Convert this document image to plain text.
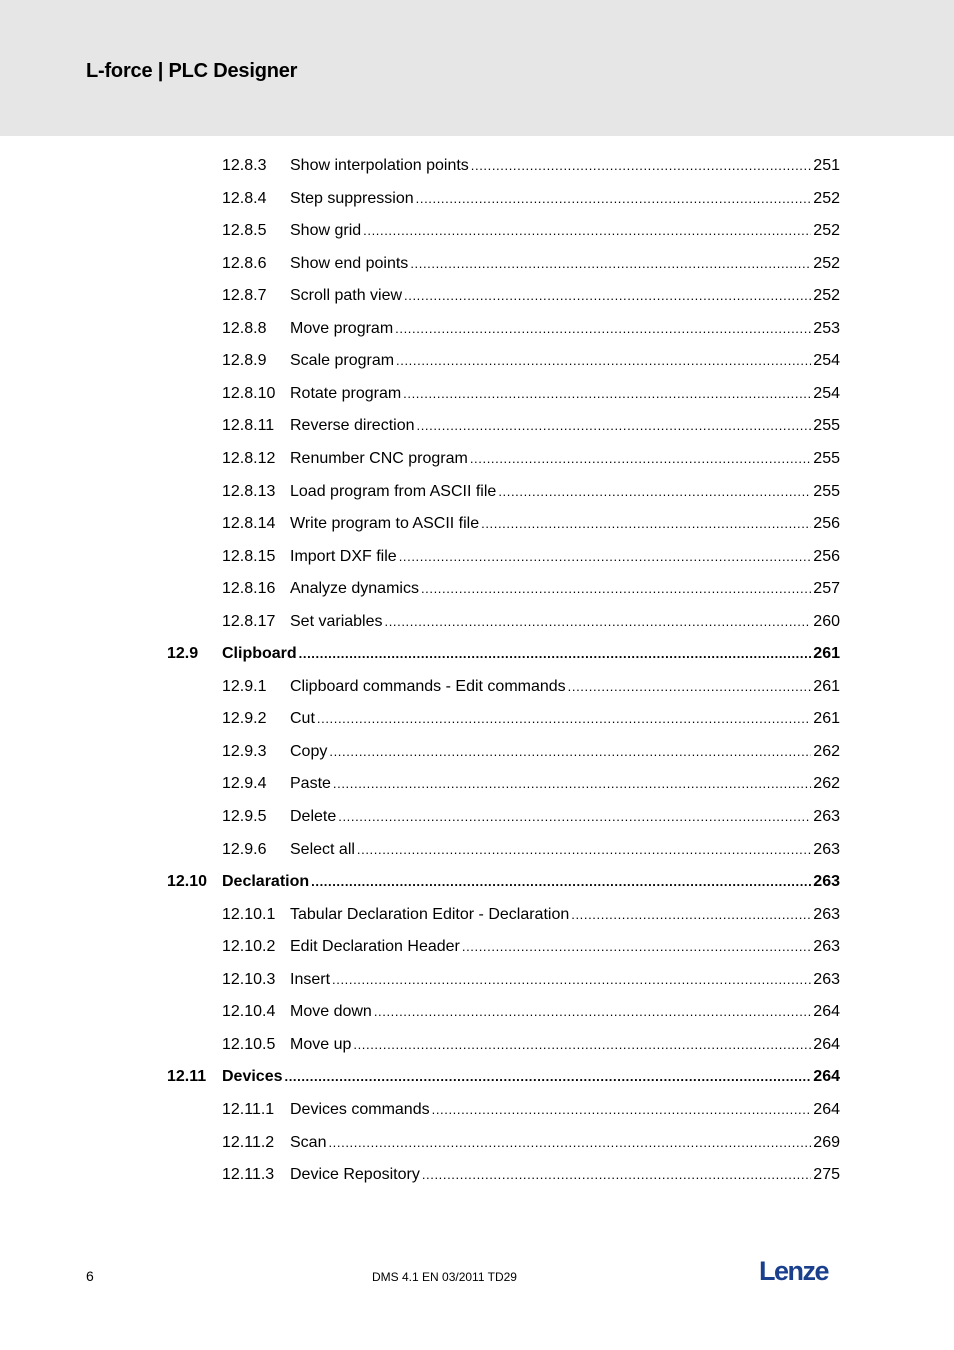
L-force | PLC Designer
12.8.3 Show interpolation points .....	251
12.8.4 Step suppression .....	252
12.8.5 Show grid .....	252
12.8.6 Show end points .....	252
12.8.7 Scroll path view .....	252
12.8.8 Move program .....	253
12.8.9 Scale program .....	254
12.8.10 Rotate program .....	254
12.8.11 Reverse direction .....	255
12.8.12 Renumber CNC program .....	255
12.8.13 Load program from ASCII file .....	255
12.8.14 Write program to ASCII file .....	256
12.8.15 Import DXF file .....	256
12.8.16 Analyze dynamics .....	257
12.8.17 Set variables .....	260
12.9 Clipboard .....	261
12.9.1 Clipboard commands - Edit commands .....	261
12.9.2 Cut .....	261
12.9.3 Copy .....	262
12.9.4 Paste .....	262
12.9.5 Delete .....	263
12.9.6 Select all .....	263
12.10 Declaration .....	263
12.10.1 Tabular Declaration Editor - Declaration .....	263
12.10.2 Edit Declaration Header .....	263
12.10.3 Insert .....	263
12.10.4 Move down .....	264
12.10.5 Move up .....	264
12.11 Devices .....	264
12.11.1 Devices commands .....	264
12.11.2 Scan .....	269
12.11.3 Device Repository .....	275
6	DMS 4.1 EN 03/2011 TD29	Lenze
